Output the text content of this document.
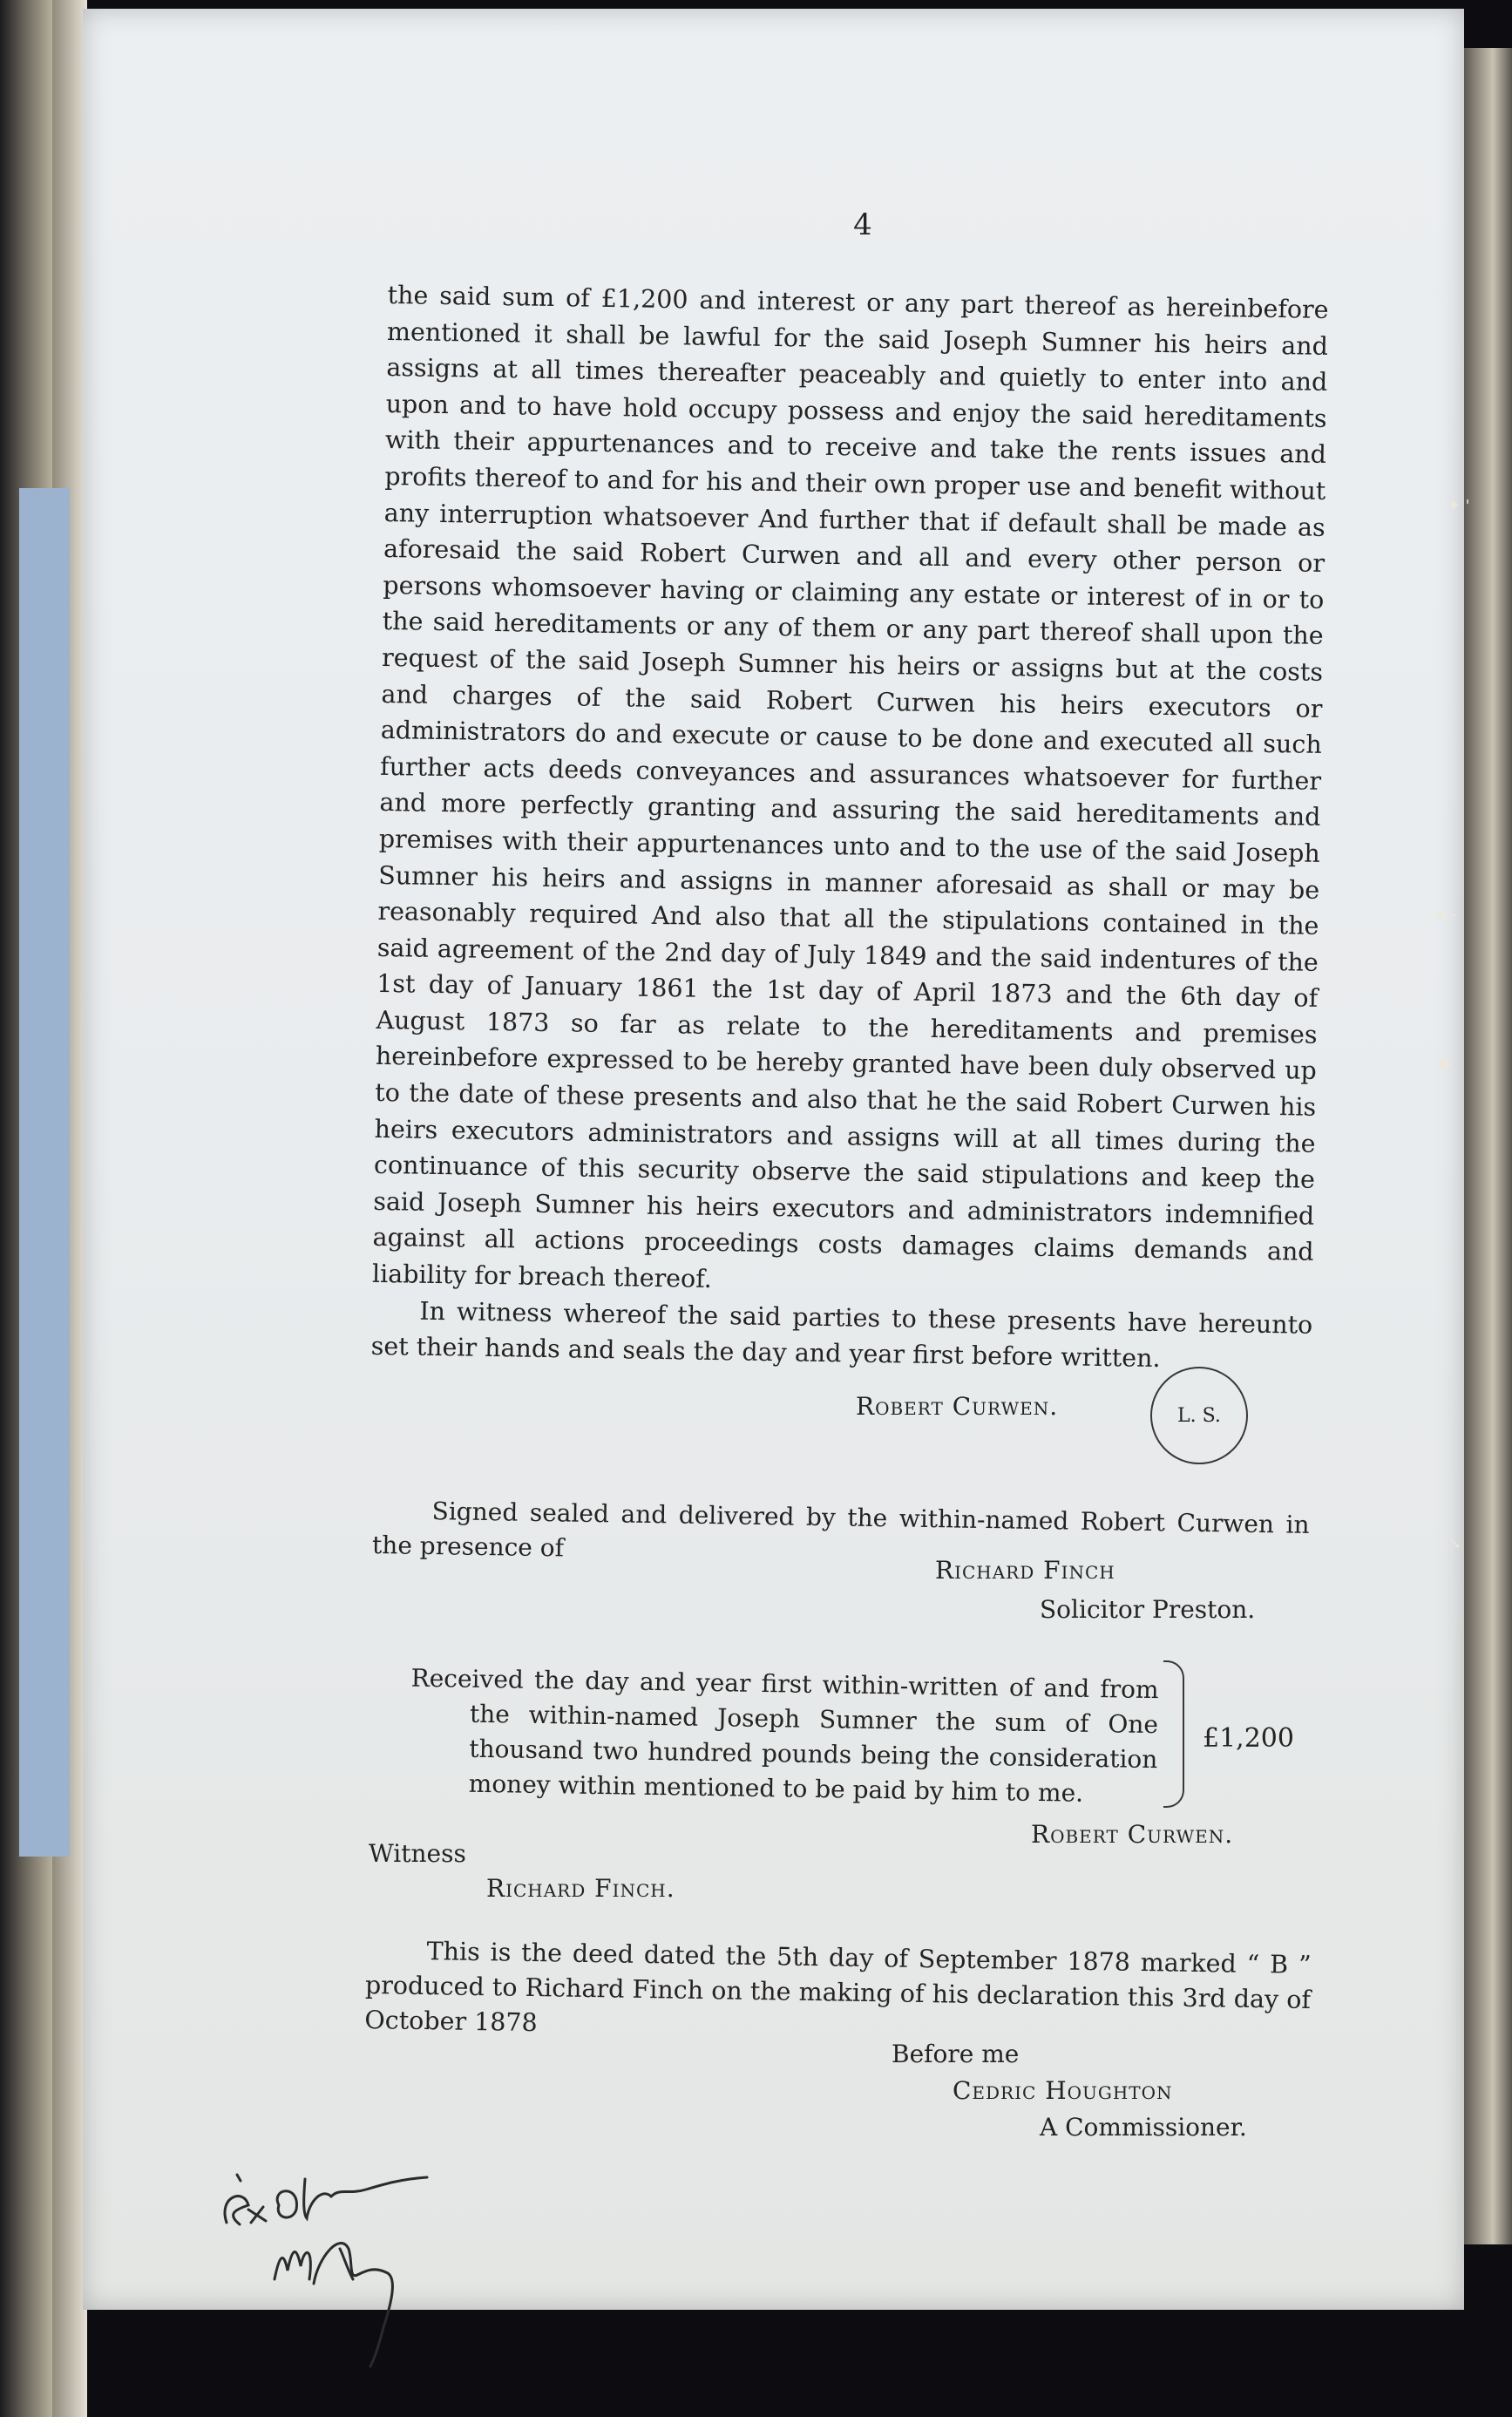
4

the said sum of £1,200 and interest or any part thereof as hereinbefore mentioned it shall be lawful for the said Joseph Sumner his heirs and assigns at all times thereafter peaceably and quietly to enter into and upon and to have hold occupy possess and enjoy the said hereditaments with their appurtenances and to receive and take the rents issues and profits thereof to and for his and their own proper use and benefit without any interruption whatsoever And further that if default shall be made as aforesaid the said Robert Curwen and all and every other person or persons whomsoever having or claiming any estate or interest of in or to the said hereditaments or any of them or any part thereof shall upon the request of the said Joseph Sumner his heirs or assigns but at the costs and charges of the said Robert Curwen his heirs executors or administrators do and execute or cause to be done and executed all such further acts deeds conveyances and assurances whatsoever for further and more perfectly granting and assuring the said hereditaments and premises with their appurtenances unto and to the use of the said Joseph Sumner his heirs and assigns in manner aforesaid as shall or may be reasonably required And also that all the stipulations contained in the said agreement of the 2nd day of July 1849 and the said indentures of the 1st day of January 1861 the 1st day of April 1873 and the 6th day of August 1873 so far as relate to the hereditaments and premises hereinbefore expressed to be hereby granted have been duly observed up to the date of these presents and also that he the said Robert Curwen his heirs executors administrators and assigns will at all times during the continuance of this security observe the said stipulations and keep the said Joseph Sumner his heirs executors and administrators indemnified against all actions proceedings costs damages claims demands and liability for breach thereof.

In witness whereof the said parties to these presents have hereunto set their hands and seals the day and year first before written.

Robert Curwen.	L. S.
Signed sealed and delivered by the within-named Robert Curwen in the presence of
Richard Finch
Solicitor Preston.

Received the day and year first within-written of and from the within-named Joseph Sumner the sum of One thousand two hundred pounds being the consideration money within mentioned to be paid by him to me.

£1,200
Robert Curwen.
Witness
Richard Finch.

This is the deed dated the 5th day of September 1878 marked “ B ” produced to Richard Finch on the making of his declaration this 3rd day of October 1878

Before me
Cedric Houghton
A Commissioner.
'.
' ✦ '
.
✦ ·
◆
· ↘
